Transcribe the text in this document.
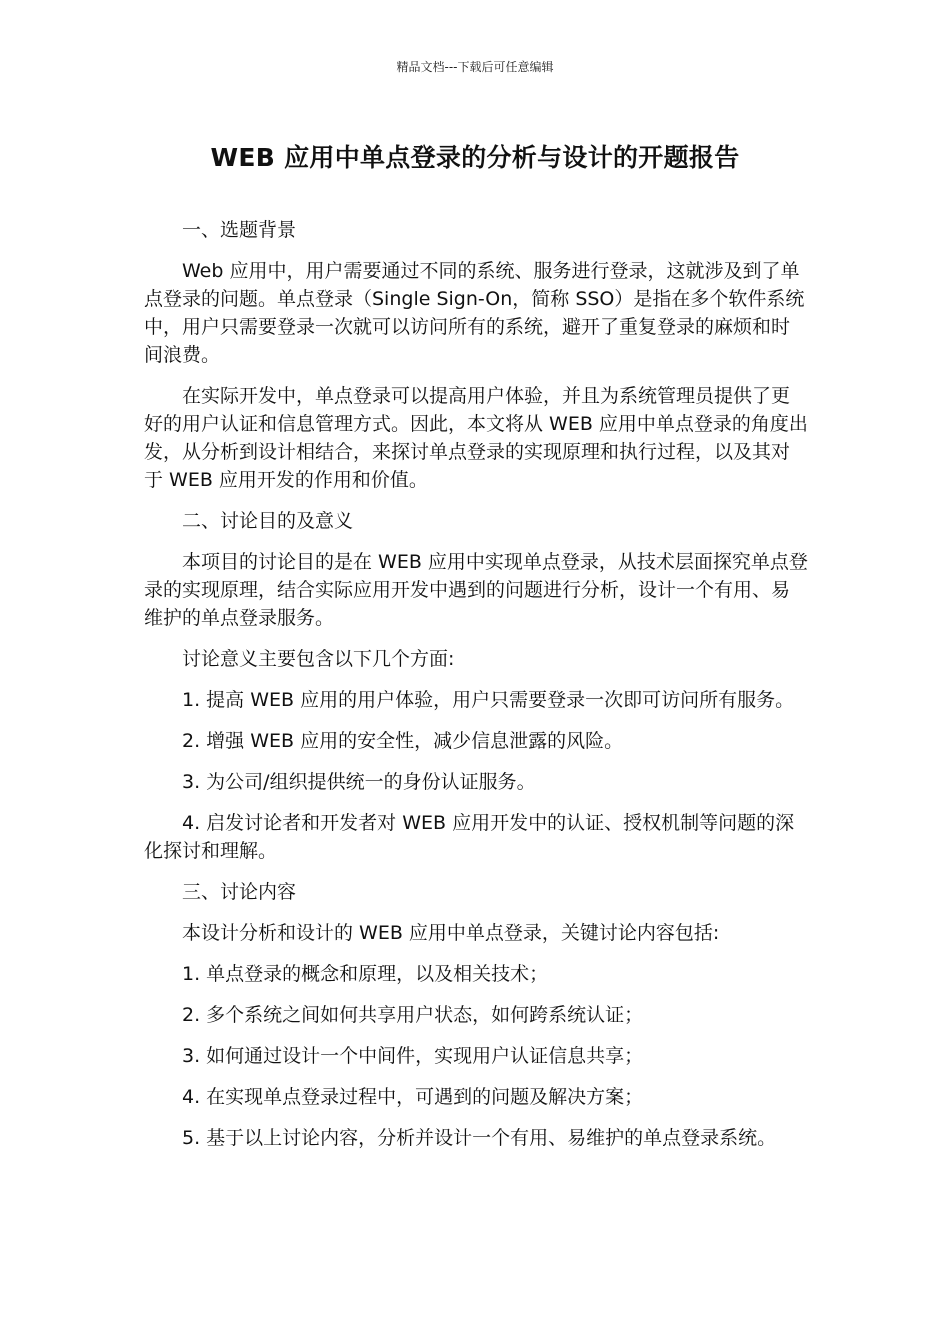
精品文档---下载后可任意编辑
WEB 应用中单点登录的分析与设计的开题报告

一、选题背景

Web 应用中，用户需要通过不同的系统、服务进行登录，这就涉及到了单点登录的问题。单点登录（Single Sign-On，简称 SSO）是指在多个软件系统中，用户只需要登录一次就可以访问所有的系统，避开了重复登录的麻烦和时间浪费。

在实际开发中，单点登录可以提高用户体验，并且为系统管理员提供了更好的用户认证和信息管理方式。因此，本文将从 WEB 应用中单点登录的角度出发，从分析到设计相结合，来探讨单点登录的实现原理和执行过程，以及其对于 WEB 应用开发的作用和价值。

二、讨论目的及意义

本项目的讨论目的是在 WEB 应用中实现单点登录，从技术层面探究单点登录的实现原理，结合实际应用开发中遇到的问题进行分析，设计一个有用、易维护的单点登录服务。

讨论意义主要包含以下几个方面:

1. 提高 WEB 应用的用户体验，用户只需要登录一次即可访问所有服务。

2. 增强 WEB 应用的安全性，减少信息泄露的风险。

3. 为公司/组织提供统一的身份认证服务。

4. 启发讨论者和开发者对 WEB 应用开发中的认证、授权机制等问题的深化探讨和理解。

三、讨论内容

本设计分析和设计的 WEB 应用中单点登录，关键讨论内容包括:

1. 单点登录的概念和原理，以及相关技术；

2. 多个系统之间如何共享用户状态，如何跨系统认证；

3. 如何通过设计一个中间件，实现用户认证信息共享；

4. 在实现单点登录过程中，可遇到的问题及解决方案；

5. 基于以上讨论内容，分析并设计一个有用、易维护的单点登录系统。
